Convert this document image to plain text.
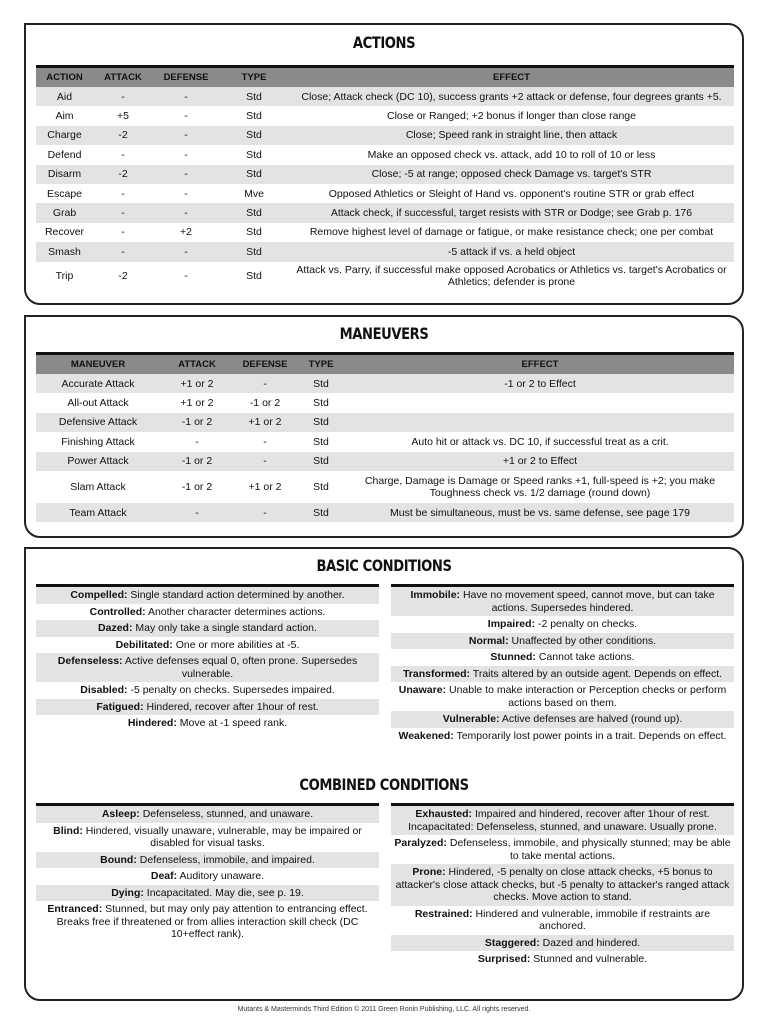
ACTIONS
ACTION	ATTACK	DEFENSE	TYPE	EFFECT
Aid	-	-	Std	Close; Attack check (DC 10), success grants +2 attack or defense, four degrees grants +5.
Aim	+5	-	Std	Close or Ranged; +2 bonus if longer than close range
Charge	-2	-	Std	Close; Speed rank in straight line, then attack
Defend	-	-	Std	Make an opposed check vs. attack, add 10 to roll of 10 or less
Disarm	-2	-	Std	Close; -5 at range; opposed check Damage vs. target's STR
Escape	-	-	Mve	Opposed Athletics or Sleight of Hand vs. opponent's routine STR or grab effect
Grab	-	-	Std	Attack check, if successful, target resists with STR or Dodge; see Grab p. 176
Recover	-	+2	Std	Remove highest level of damage or fatigue, or make resistance check; one per combat
Smash	-	-	Std	-5 attack if vs. a held object
Trip	-2	-	Std	Attack vs. Parry, if successful make opposed Acrobatics or Athletics vs. target's Acrobatics or Athletics; defender is prone
MANEUVERS
MANEUVER	ATTACK	DEFENSE	TYPE	EFFECT
Accurate Attack	+1 or 2	-	Std	-1 or 2 to Effect
All-out Attack	+1 or 2	-1 or 2	Std	
Defensive Attack	-1 or 2	+1 or 2	Std	
Finishing Attack	-	-	Std	Auto hit or attack vs. DC 10, if successful treat as a crit.
Power Attack	-1 or 2	-	Std	+1 or 2 to Effect
Slam Attack	-1 or 2	+1 or 2	Std	Charge, Damage is Damage or Speed ranks +1, full-speed is +2; you make Toughness check vs. 1/2 damage (round down)
Team Attack	-	-	Std	Must be simultaneous, must be vs. same defense, see page 179
BASIC CONDITIONS
Compelled: Single standard action determined by another.
Controlled: Another character determines actions.
Dazed: May only take a single standard action.
Debilitated: One or more abilities at -5.
Defenseless: Active defenses equal 0, often prone. Supersedes vulnerable.
Disabled: -5 penalty on checks. Supersedes impaired.
Fatigued: Hindered, recover after 1hour of rest.
Hindered: Move at -1 speed rank.
Immobile: Have no movement speed, cannot move, but can take actions. Supersedes hindered.
Impaired: -2 penalty on checks.
Normal: Unaffected by other conditions.
Stunned: Cannot take actions.
Transformed: Traits altered by an outside agent. Depends on effect.
Unaware: Unable to make interaction or Perception checks or perform actions based on them.
Vulnerable: Active defenses are halved (round up).
Weakened: Temporarily lost power points in a trait. Depends on effect.
COMBINED CONDITIONS
Asleep: Defenseless, stunned, and unaware.
Blind: Hindered, visually unaware, vulnerable, may be impaired or disabled for visual tasks.
Bound: Defenseless, immobile, and impaired.
Deaf: Auditory unaware.
Dying: Incapacitated. May die, see p. 19.
Entranced: Stunned, but may only pay attention to entrancing effect. Breaks free if threatened or from allies interaction skill check (DC 10+effect rank).
Exhausted: Impaired and hindered, recover after 1hour of rest. Incapacitated: Defenseless, stunned, and unaware. Usually prone.
Paralyzed: Defenseless, immobile, and physically stunned; may be able to take mental actions.
Prone: Hindered, -5 penalty on close attack checks, +5 bonus to attacker's close attack checks, but -5 penalty to attacker's ranged attack checks. Move action to stand.
Restrained: Hindered and vulnerable, immobile if restraints are anchored.
Staggered: Dazed and hindered.
Surprised: Stunned and vulnerable.
Mutants & Masterminds Third Edition © 2011 Green Ronin Publishing, LLC. All rights reserved.
